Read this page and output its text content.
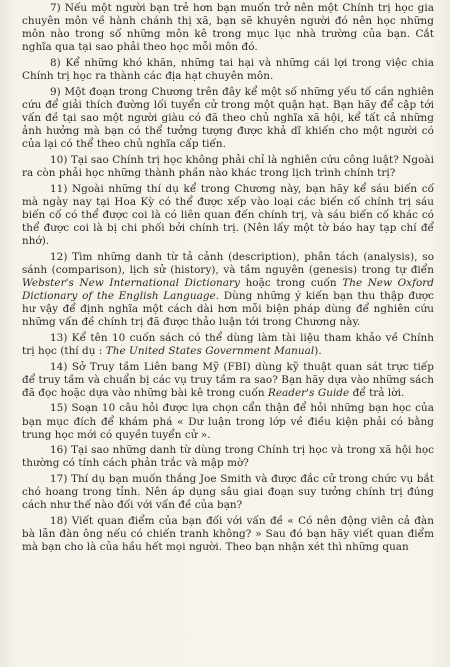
7) Nếu một người bạn trẻ hơn bạn muốn trở nên một Chính trị học gia chuyên môn về hành chánh thị xã, bạn sẽ khuyên người đó nên học những môn nào trong số những môn kê trong mục lục nhà trường của bạn. Cắt nghĩa qua tại sao phải theo học mỗi môn đó.

8) Kể những khó khăn, những tai hại và những cái lợi trong việc chia Chính trị học ra thành các địa hạt chuyên môn.

9) Một đoạn trong Chương trên đây kể một số những yếu tố cần nghiên cứu để giải thích đường lối tuyển cử trong một quận hạt. Bạn hãy để cập tới vấn đề tại sao một người giàu có đã theo chủ nghĩa xã hội, kể tất cả những ảnh hưởng mà bạn có thể tưởng tượng được khả dĩ khiến cho một người có của lại có thể theo chủ nghĩa cấp tiến.

10) Tại sao Chính trị học không phải chỉ là nghiên cứu công luật? Ngoài ra còn phải học những thành phần nào khác trong lịch trình chính trị?

11) Ngoài những thí dụ kể trong Chương này, bạn hãy kể sáu biến cố mà ngày nay tại Hoa Kỳ có thể được xếp vào loại các biến cố chính trị sáu biến cố có thể được coi là có liên quan đến chính trị, và sáu biến cố khác có thể được coi là bị chi phối bởi chính trị. (Nên lấy một tờ báo hay tạp chí để nhớ).

12) Tìm những danh từ tả cảnh (description), phân tách (analysis), so sánh (comparison), lịch sử (history), và tầm nguyên (genesis) trong tự điển Webster's New International Dictionary hoặc trong cuốn The New Oxford Dictionary of the English Language. Dùng những ý kiến bạn thu thập được hư vậy để định nghĩa một cách dài hơn mỗi biện pháp dùng để nghiên cứu những vấn đề chính trị đã được thảo luận tới trong Chương này.

13) Kể tên 10 cuốn sách có thể dùng làm tài liệu tham khảo về Chính trị học (thí dụ : The United States Government Manual).

14) Sở Truy tầm Liên bang Mỹ (FBI) dùng kỹ thuật quan sát trực tiếp để truy tầm và chuẩn bị các vụ truy tầm ra sao? Bạn hãy dựa vào những sách đã đọc hoặc dựa vào những bài kê trong cuốn Reader's Guide để trả lời.

15) Soạn 10 câu hỏi được lựa chọn cẩn thận để hỏi những bạn học của bạn mục đích để khám phá « Dư luận trong lớp về điều kiện phải có bằng trung học mới có quyền tuyển cử ».

16) Tại sao những danh từ dùng trong Chính trị học và trong xã hội học thường có tính cách phản trắc và mập mờ?

17) Thí dụ bạn muốn thắng Joe Smith và được đắc cử trong chức vụ bắt chó hoang trong tỉnh. Nên áp dụng sâu giai đoạn suy tưởng chính trị đúng cách như thế nào đối với vấn đề của bạn?

18) Viết quan điểm của bạn đối với vấn đề « Có nên động viên cả đàn bà lẫn đàn ông nếu có chiến tranh không? » Sau đó bạn hãy viết quan điểm mà bạn cho là của hầu hết mọi người. Theo bạn nhận xét thì những quan
